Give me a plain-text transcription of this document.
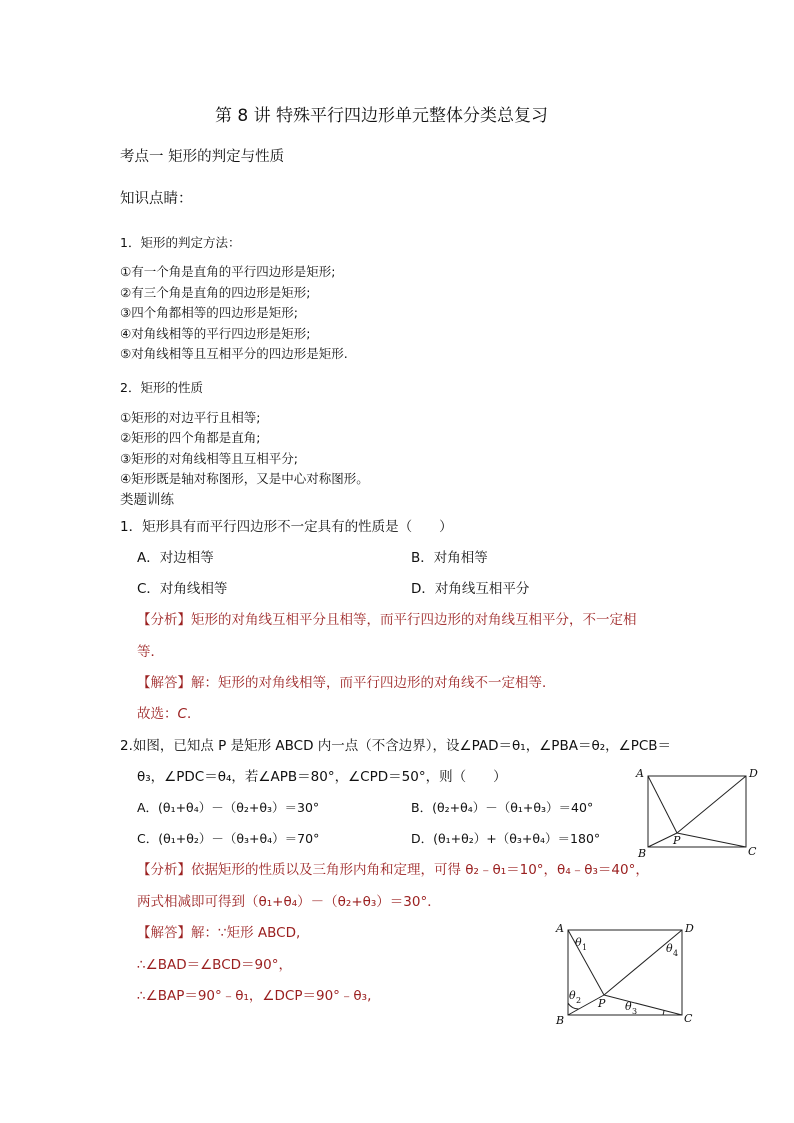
第 8 讲 特殊平行四边形单元整体分类总复习
考点一 矩形的判定与性质
知识点睛：
1．矩形的判定方法：
①有一个角是直角的平行四边形是矩形;
②有三个角是直角的四边形是矩形;
③四个角都相等的四边形是矩形;
④对角线相等的平行四边形是矩形;
⑤对角线相等且互相平分的四边形是矩形.
2．矩形的性质
①矩形的对边平行且相等;
②矩形的四个角都是直角;
③矩形的对角线相等且互相平分;
④矩形既是轴对称图形，又是中心对称图形。
类题训练
1．矩形具有而平行四边形不一定具有的性质是（　　）
A．对边相等	B．对角相等
C．对角线相等	D．对角线互相平分
【分析】矩形的对角线互相平分且相等，而平行四边形的对角线互相平分，不一定相
等．
【解答】解：矩形的对角线相等，而平行四边形的对角线不一定相等．
故选：C．
2.如图，已知点 P 是矩形 ABCD 内一点（不含边界），设∠PAD＝θ₁，∠PBA＝θ₂，∠PCB＝
θ₃，∠PDC＝θ₄，若∠APB＝80°，∠CPD＝50°，则（　　）
A．(θ₁+θ₄）－（θ₂+θ₃）＝30°	B．(θ₂+θ₄）－（θ₁+θ₃）＝40°
C．(θ₁+θ₂）－（θ₃+θ₄）＝70°	D．(θ₁+θ₂）+（θ₃+θ₄）＝180°
【分析】依据矩形的性质以及三角形内角和定理，可得 θ₂﹣θ₁＝10°，θ₄﹣θ₃＝40°，
两式相减即可得到（θ₁+θ₄）－（θ₂+θ₃）＝30°．
【解答】解：∵矩形 ABCD,
∴∠BAD＝∠BCD＝90°，
∴∠BAP＝90°﹣θ₁，∠DCP＝90°﹣θ₃,
A	D
B	C
P
A	D
B	C
P
θ 1	θ 4
θ 2	θ 3
